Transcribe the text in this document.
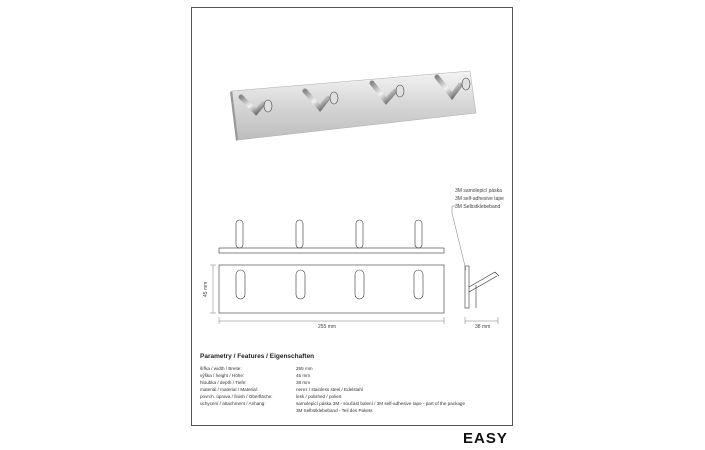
255 mm
45 mm
38 mm
3M samolepicí páska
3M self-adhesive tape
3M Selbstklebeband
Parametry / Features / Eigenschaften
šířka / width / Breite:	255 mm
výška / height / Höhe:	45 mm
hloubka / depth / Tiefe:	38 mm
materiál / material / Material:	nerez / stainless steel / Edelstahl
povrch. úprava / finish / Oberfläche:	lesk / polished / poliert
uchycení / attachment / Anhang:	samolepicí páska 3M - součást balení / 3M self-adhesive tape - part of the package
3M Selbstklebeband - Teil des Pakets
EASY
